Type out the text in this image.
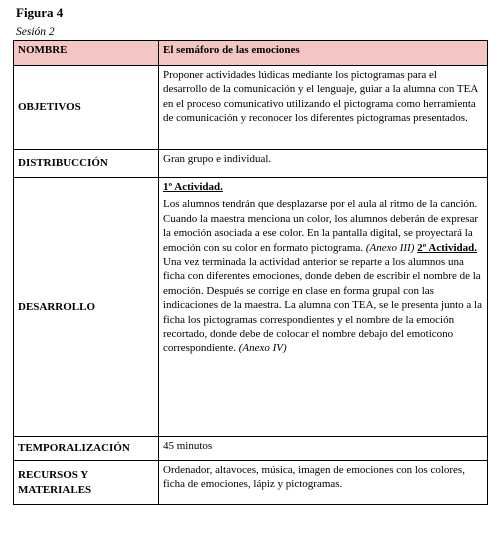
Figura 4
Sesión 2
NOMBRE	El semáforo de las emociones
OBJETIVOS	Proponer actividades lúdicas mediante los pictogramas para el desarrollo de la comunicación y el lenguaje, guiar a la alumna con TEA en el proceso comunicativo utilizando el pictograma como herramienta de comunicación y reconocer los diferentes pictogramas presentados.
DISTRIBUCCIÓN	Gran grupo e individual.
DESARROLLO	1º Actividad.
Los alumnos tendrán que desplazarse por el aula al ritmo de la canción. Cuando la maestra menciona un color, los alumnos deberán de expresar la emoción asociada a ese color. En la pantalla digital, se proyectará la emoción con su color en formato pictograma. (Anexo III) 2º Actividad. Una vez terminada la actividad anterior se reparte a los alumnos una ficha con diferentes emociones, donde deben de escribir el nombre de la emoción. Después se corrige en clase en forma grupal con las indicaciones de la maestra. La alumna con TEA, se le presenta junto a la ficha los pictogramas correspondientes y el nombre de la emoción recortado, donde debe de colocar el nombre debajo del emoticono correspondiente. (Anexo IV)

TEMPORALIZACIÓN	45 minutos

RECURSOS Y
MATERIALES	Ordenador, altavoces, música, imagen de emociones con los colores, ficha de emociones, lápiz y pictogramas.
